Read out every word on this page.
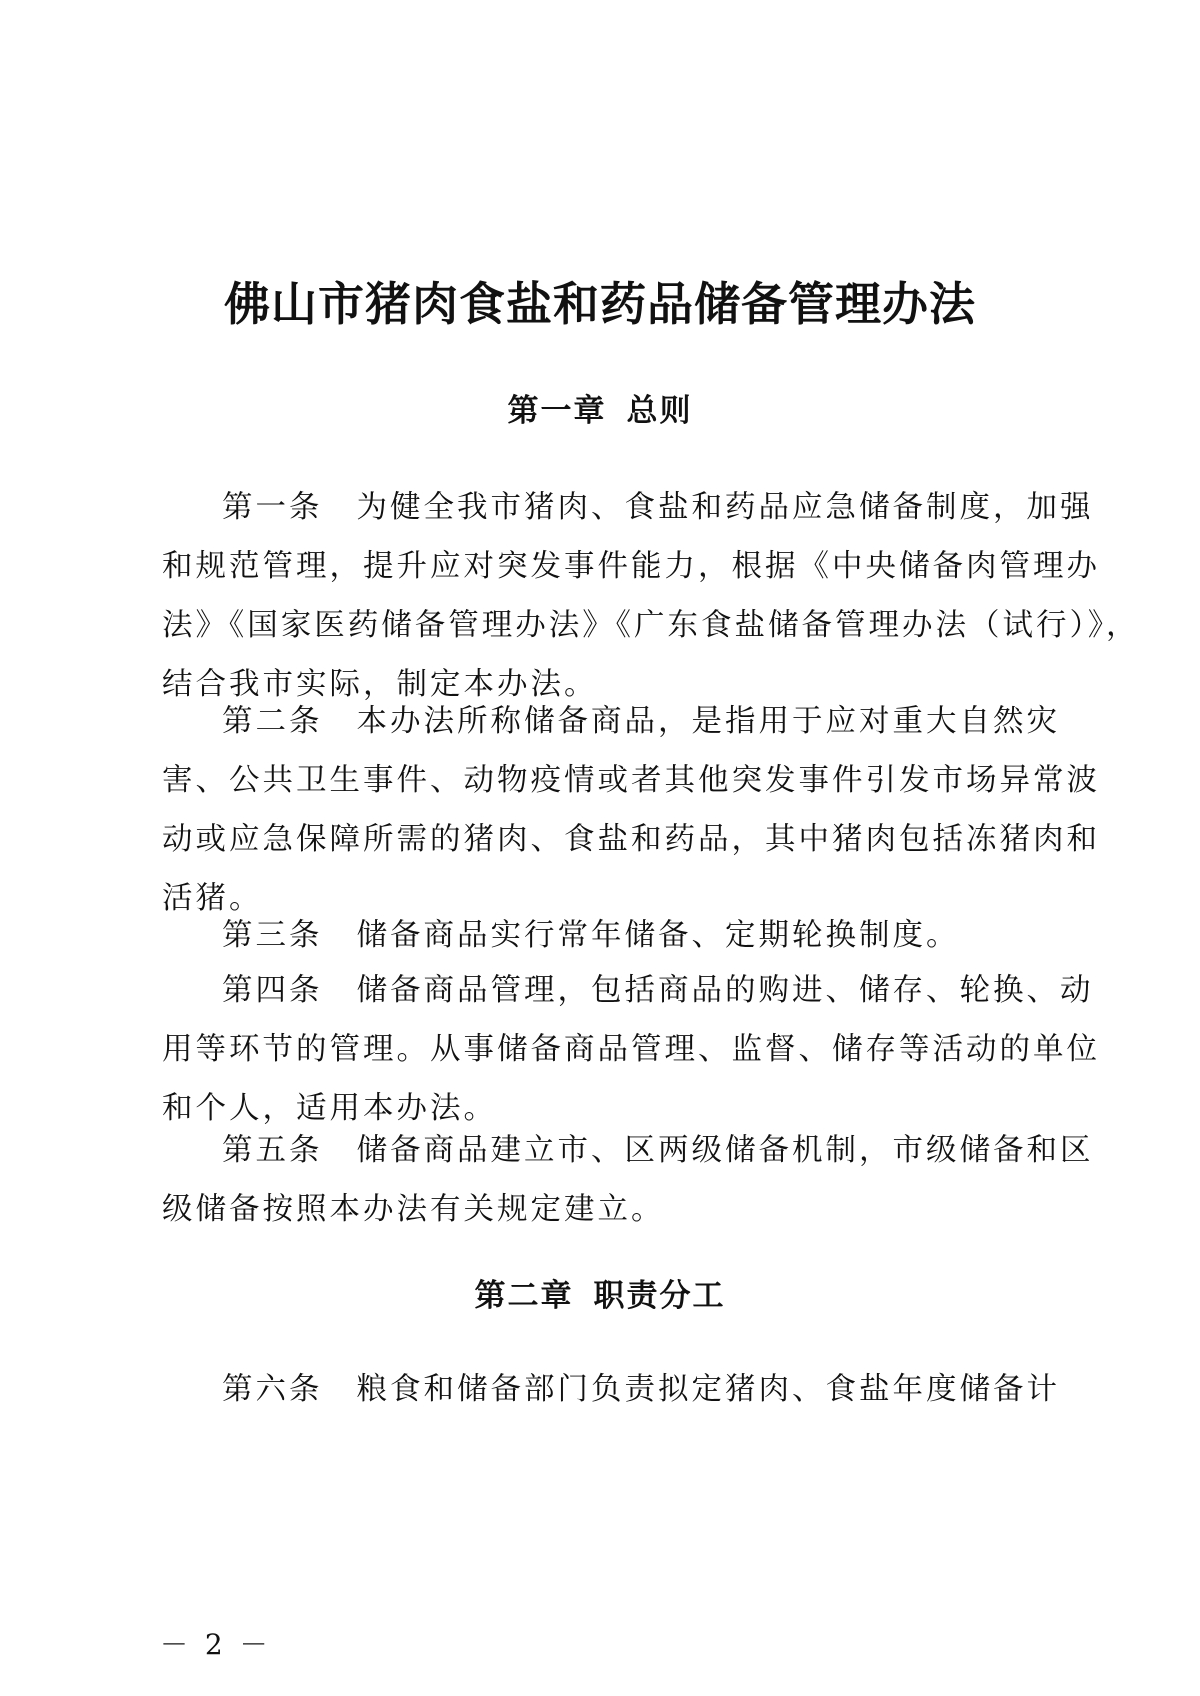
佛山市猪肉食盐和药品储备管理办法
第一章 总则
第一条 为健全我市猪肉、食盐和药品应急储备制度，加强
和规范管理，提升应对突发事件能力，根据《中央储备肉管理办
法》《国家医药储备管理办法》《广东食盐储备管理办法（试行）》，
结合我市实际，制定本办法。
第二条 本办法所称储备商品，是指用于应对重大自然灾
害、公共卫生事件、动物疫情或者其他突发事件引发市场异常波
动或应急保障所需的猪肉、食盐和药品，其中猪肉包括冻猪肉和
活猪。
第三条 储备商品实行常年储备、定期轮换制度。
第四条 储备商品管理，包括商品的购进、储存、轮换、动
用等环节的管理。从事储备商品管理、监督、储存等活动的单位
和个人，适用本办法。
第五条 储备商品建立市、区两级储备机制，市级储备和区
级储备按照本办法有关规定建立。
第二章 职责分工
第六条 粮食和储备部门负责拟定猪肉、食盐年度储备计
－ 2 －
